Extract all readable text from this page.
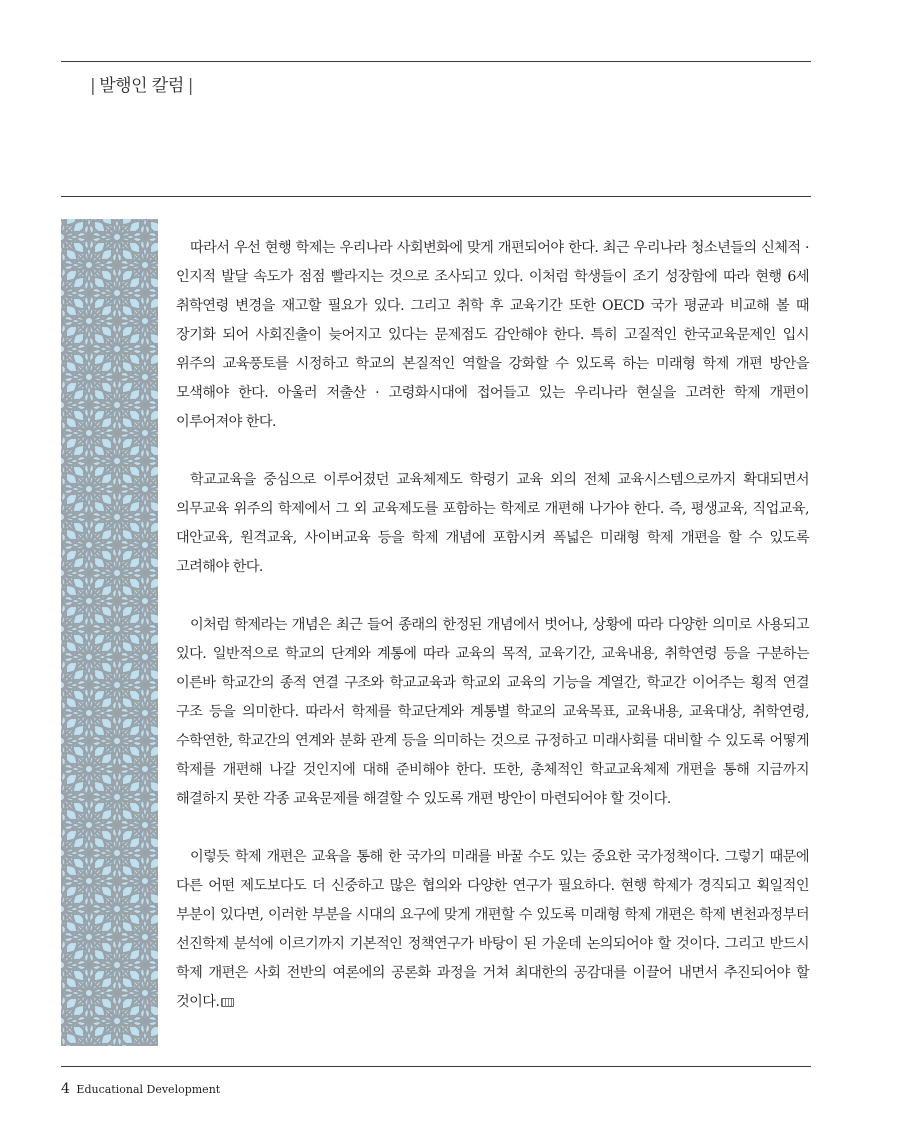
| 발행인 칼럼 |

따라서 우선 현행 학제는 우리나라 사회변화에 맞게 개편되어야 한다. 최근 우리나라 청소년들의 신체적 · 인지적 발달 속도가 점점 빨라지는 것으로 조사되고 있다. 이처럼 학생들이 조기 성장함에 따라 현행 6세 취학연령 변경을 재고할 필요가 있다. 그리고 취학 후 교육기간 또한 OECD 국가 평균과 비교해 볼 때 장기화 되어 사회진출이 늦어지고 있다는 문제점도 감안해야 한다. 특히 고질적인 한국교육문제인 입시 위주의 교육풍토를 시정하고 학교의 본질적인 역할을 강화할 수 있도록 하는 미래형 학제 개편 방안을 모색해야 한다. 아울러 저출산 · 고령화시대에 접어들고 있는 우리나라 현실을 고려한 학제 개편이 이루어져야 한다.

학교교육을 중심으로 이루어졌던 교육체제도 학령기 교육 외의 전체 교육시스템으로까지 확대되면서 의무교육 위주의 학제에서 그 외 교육제도를 포함하는 학제로 개편해 나가야 한다. 즉, 평생교육, 직업교육, 대안교육, 원격교육, 사이버교육 등을 학제 개념에 포함시켜 폭넓은 미래형 학제 개편을 할 수 있도록 고려해야 한다.

이처럼 학제라는 개념은 최근 들어 종래의 한정된 개념에서 벗어나, 상황에 따라 다양한 의미로 사용되고 있다. 일반적으로 학교의 단계와 계통에 따라 교육의 목적, 교육기간, 교육내용, 취학연령 등을 구분하는 이른바 학교간의 종적 연결 구조와 학교교육과 학교외 교육의 기능을 계열간, 학교간 이어주는 횡적 연결 구조 등을 의미한다. 따라서 학제를 학교단계와 계통별 학교의 교육목표, 교육내용, 교육대상, 취학연령, 수학연한, 학교간의 연계와 분화 관계 등을 의미하는 것으로 규정하고 미래사회를 대비할 수 있도록 어떻게 학제를 개편해 나갈 것인지에 대해 준비해야 한다. 또한, 총체적인 학교교육체제 개편을 통해 지금까지 해결하지 못한 각종 교육문제를 해결할 수 있도록 개편 방안이 마련되어야 할 것이다.

이렇듯 학제 개편은 교육을 통해 한 국가의 미래를 바꿀 수도 있는 중요한 국가정책이다. 그렇기 때문에 다른 어떤 제도보다도 더 신중하고 많은 협의와 다양한 연구가 필요하다. 현행 학제가 경직되고 획일적인 부분이 있다면, 이러한 부분을 시대의 요구에 맞게 개편할 수 있도록 미래형 학제 개편은 학제 변천과정부터 선진학제 분석에 이르기까지 기본적인 정책연구가 바탕이 된 가운데 논의되어야 할 것이다. 그리고 반드시 학제 개편은 사회 전반의 여론에의 공론화 과정을 거쳐 최대한의 공감대를 이끌어 내면서 추진되어야 할 것이다.

4 Educational Development
